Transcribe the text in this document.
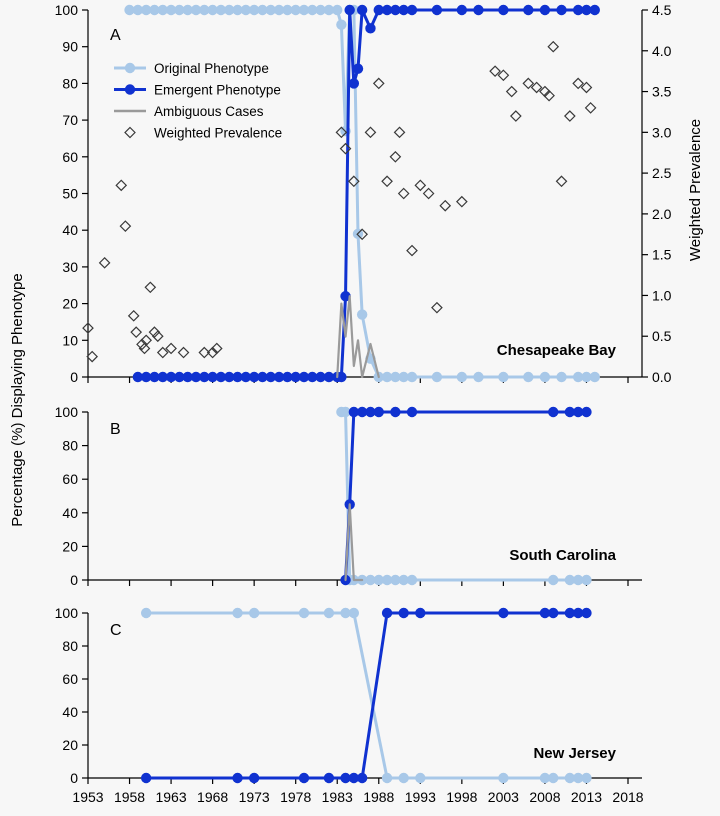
0
10
20
30
40
50
60
70
80
90
100
0.0
0.5
1.0
1.5
2.0
2.5
3.0
3.5
4.0
4.5
A
Chesapeake Bay
0
20
40
60
80
100
B
South Carolina
0
20
40
60
80
100
1953 1958 1963 1968 1973 1978 1983 1988 1993 1998 2003 2008 2013 2018
C
New Jersey
Percentage (%) Displaying Phenotype
Weighted Prevalence
Original Phenotype
Emergent Phenotype
Ambiguous Cases
Weighted Prevalence
